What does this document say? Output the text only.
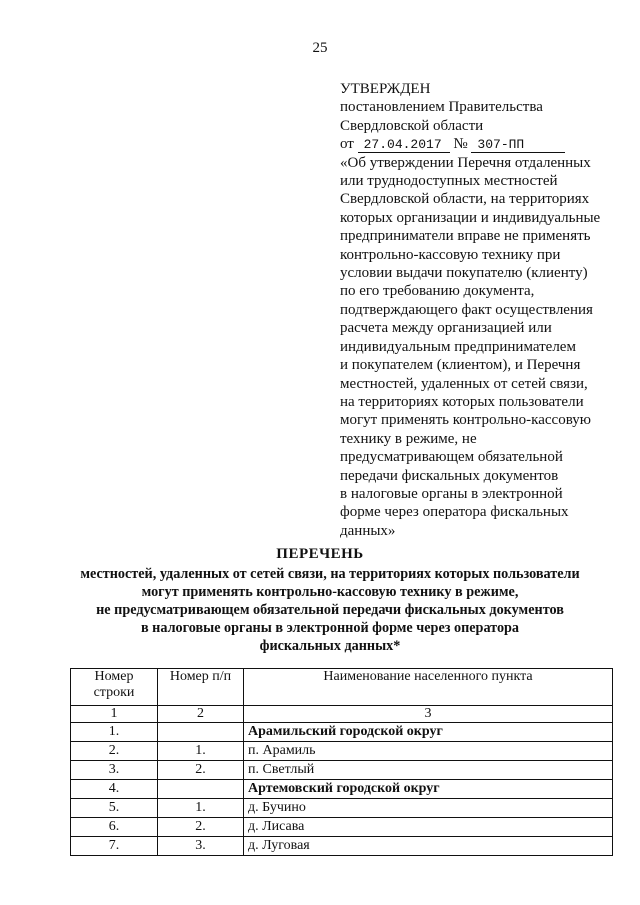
25
УТВЕРЖДЕН
постановлением Правительства
Свердловской области
от 27.04.2017 № 307-ПП
«Об утверждении Перечня отдаленных
или труднодоступных местностей
Свердловской области, на территориях
которых организации и индивидуальные
предприниматели вправе не применять
контрольно-кассовую технику при
условии выдачи покупателю (клиенту)
по его требованию документа,
подтверждающего факт осуществления
расчета между организацией или
индивидуальным предпринимателем
и покупателем (клиентом), и Перечня
местностей, удаленных от сетей связи,
на территориях которых пользователи
могут применять контрольно-кассовую
технику в режиме, не
предусматривающем обязательной
передачи фискальных документов
в налоговые органы в электронной
форме через оператора фискальных
данных»
ПЕРЕЧЕНЬ
местностей, удаленных от сетей связи, на территориях которых пользователи
могут применять контрольно-кассовую технику в режиме,
не предусматривающем обязательной передачи фискальных документов
в налоговые органы в электронной форме через оператора
фискальных данных*
Номер строки	Номер п/п	Наименование населенного пункта
1	2	3
1.		Арамильский городской округ
2.	1.	п. Арамиль
3.	2.	п. Светлый
4.		Артемовский городской округ
5.	1.	д. Бучино
6.	2.	д. Лисава
7.	3.	д. Луговая
